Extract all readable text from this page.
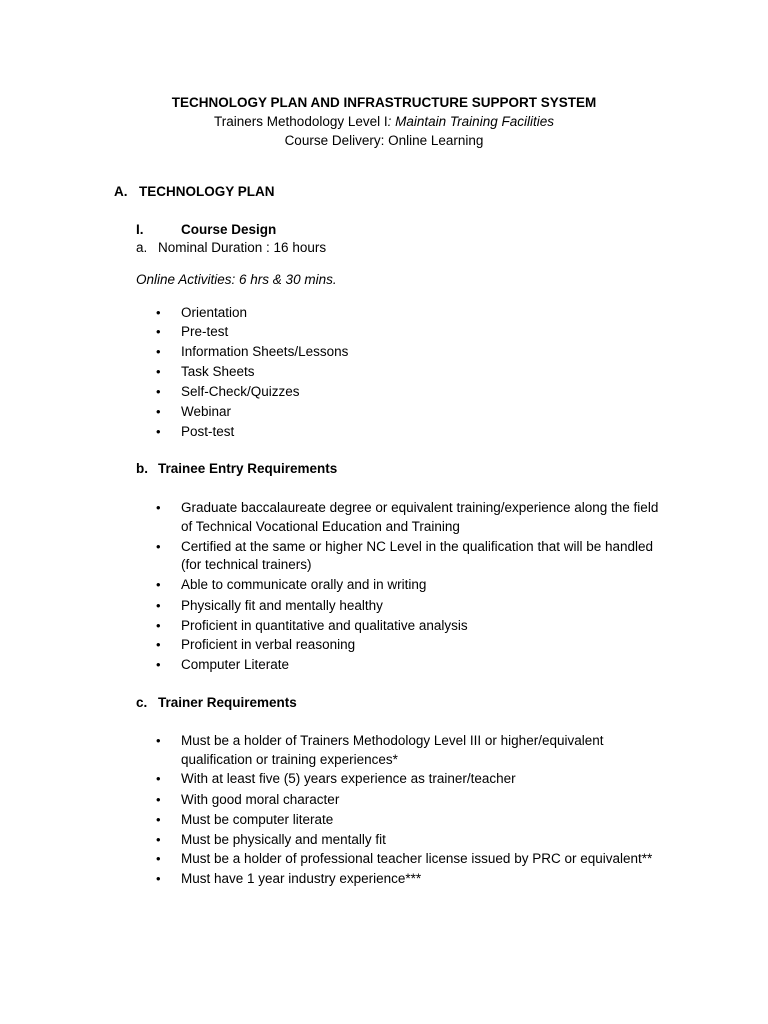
TECHNOLOGY PLAN AND INFRASTRUCTURE SUPPORT SYSTEM
Trainers Methodology Level I: Maintain Training Facilities
Course Delivery: Online Learning
A. TECHNOLOGY PLAN
I.	Course Design
a. Nominal Duration : 16 hours
Online Activities: 6 hrs & 30 mins.
• Orientation
• Pre-test
• Information Sheets/Lessons
• Task Sheets
• Self-Check/Quizzes
• Webinar
• Post-test
b. Trainee Entry Requirements
• Graduate baccalaureate degree or equivalent training/experience along the field
of Technical Vocational Education and Training
• Certified at the same or higher NC Level in the qualification that will be handled
(for technical trainers)
• Able to communicate orally and in writing
• Physically fit and mentally healthy
• Proficient in quantitative and qualitative analysis
• Proficient in verbal reasoning
• Computer Literate
c. Trainer Requirements
• Must be a holder of Trainers Methodology Level III or higher/equivalent
qualification or training experiences*
• With at least five (5) years experience as trainer/teacher
• With good moral character
• Must be computer literate
• Must be physically and mentally fit
• Must be a holder of professional teacher license issued by PRC or equivalent**
• Must have 1 year industry experience***
